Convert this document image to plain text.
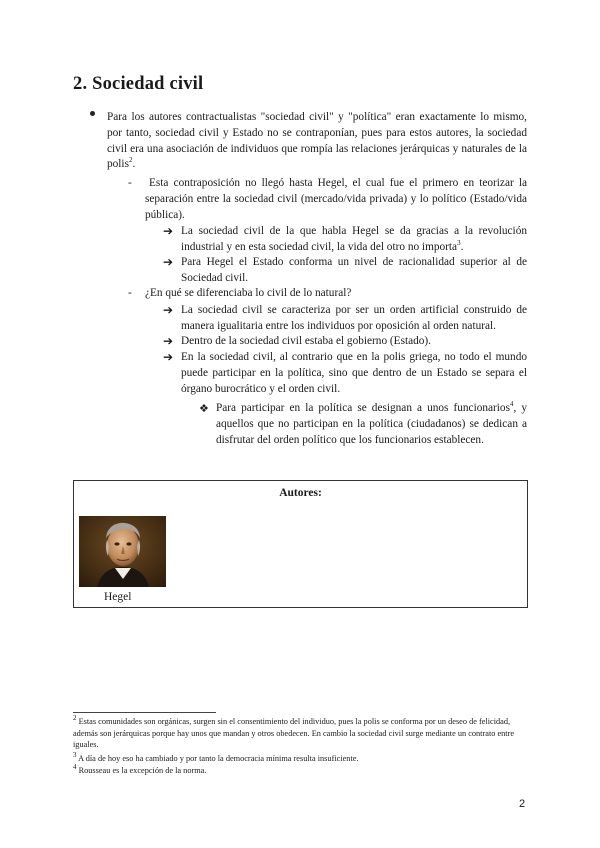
2. Sociedad civil
Para los autores contractualistas "sociedad civil" y "política" eran exactamente lo mismo, por tanto, sociedad civil y Estado no se contraponían, pues para estos autores, la sociedad civil era una asociación de individuos que rompía las relaciones jerárquicas y naturales de la polis$^2$.
-	Esta contraposición no llegó hasta Hegel, el cual fue el primero en teorizar la separación entre la sociedad civil (mercado/vida privada) y lo político (Estado/vida pública).
➔ La sociedad civil de la que habla Hegel se da gracias a la revolución industrial y en esta sociedad civil, la vida del otro no importa$^3$.
➔ Para Hegel el Estado conforma un nivel de racionalidad superior al de Sociedad civil.
- ¿En qué se diferenciaba lo civil de lo natural?
➔ La sociedad civil se caracteriza por ser un orden artificial construido de manera igualitaria entre los individuos por oposición al orden natural.
➔ Dentro de la sociedad civil estaba el gobierno (Estado).
➔ En la sociedad civil, al contrario que en la polis griega, no todo el mundo puede participar en la política, sino que dentro de un Estado se separa el órgano burocrático y el orden civil.
❖ Para participar en la política se designan a unos funcionarios$^4$, y aquellos que no participan en la política (ciudadanos) se dedican a disfrutar del orden político que los funcionarios establecen.
Autores:
Hegel
$^2$ Estas comunidades son orgánicas, surgen sin el consentimiento del individuo, pues la polis se conforma por un deseo de felicidad, además son jerárquicas porque hay unos que mandan y otros obedecen. En cambio la sociedad civil surge mediante un contrato entre iguales.
$^3$ A día de hoy eso ha cambiado y por tanto la democracia mínima resulta insuficiente.
$^4$ Rousseau es la excepción de la norma.
2
